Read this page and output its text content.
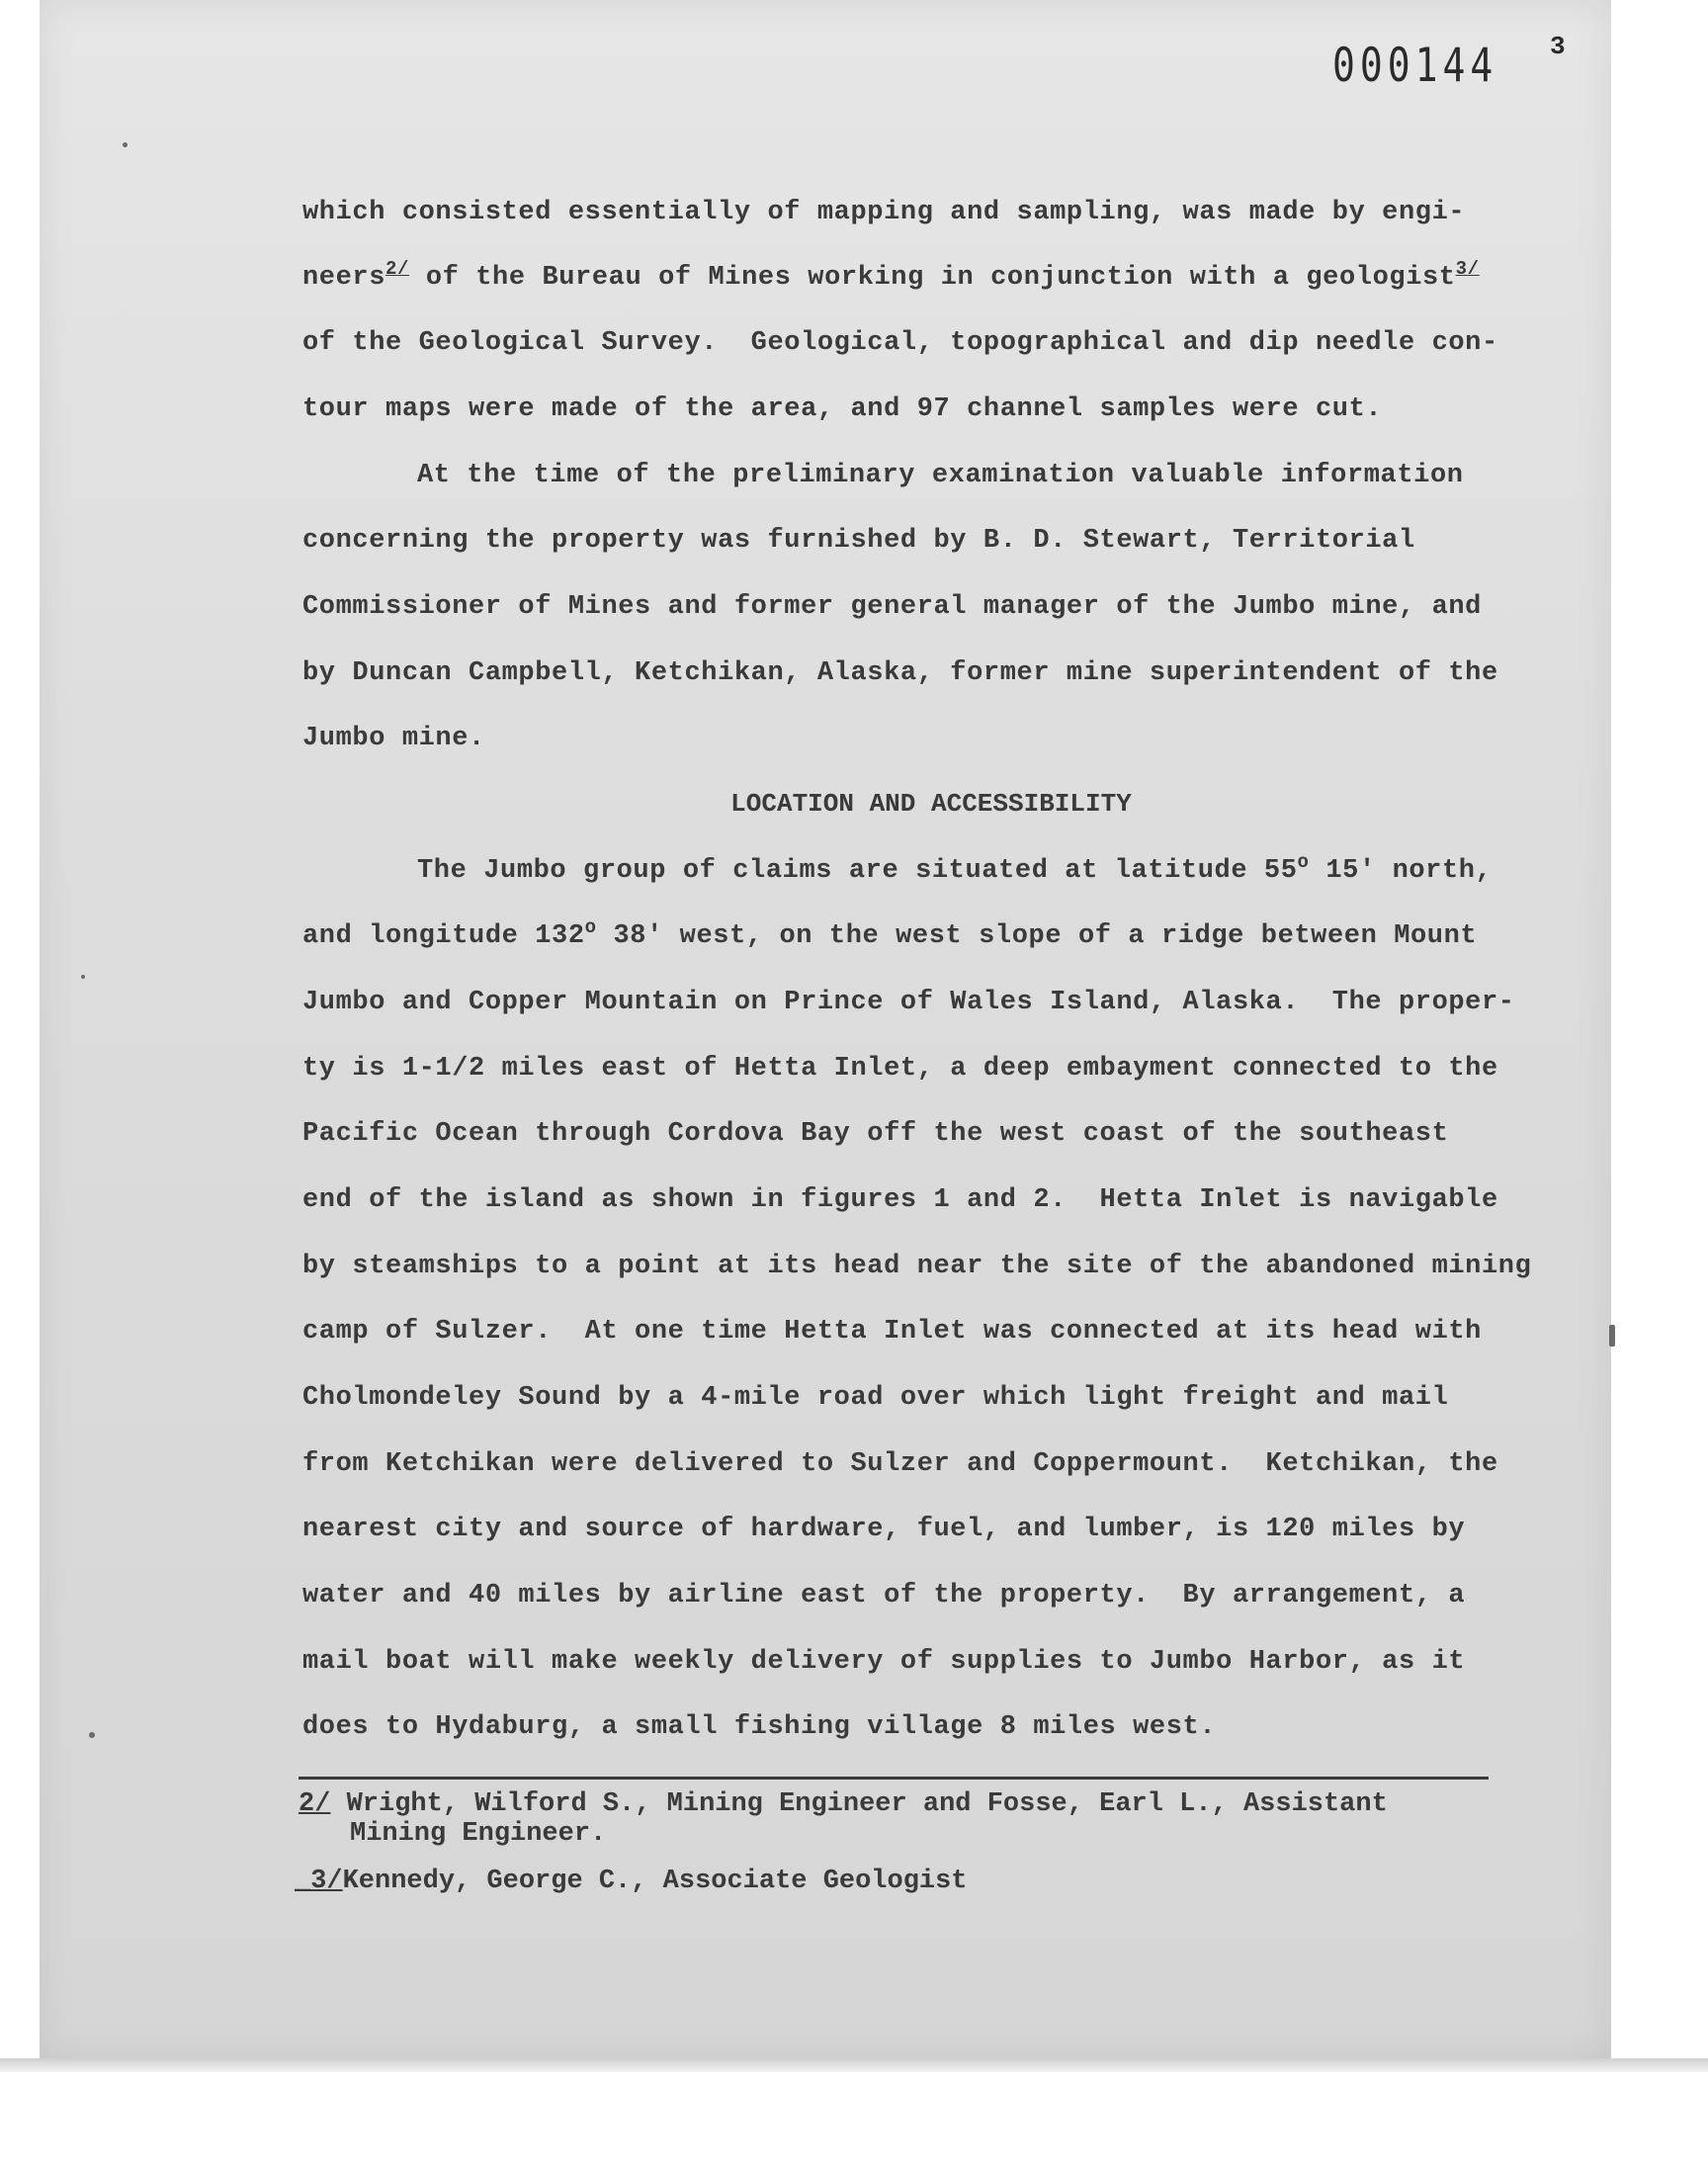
000144 3
which consisted essentially of mapping and sampling, was made by engi-
neers$^{2/}$ of the Bureau of Mines working in conjunction with a geologist$^{3/}$
of the Geological Survey.  Geological, topographical and dip needle con-
tour maps were made of the area, and 97 channel samples were cut.
At the time of the preliminary examination valuable information
concerning the property was furnished by B. D. Stewart, Territorial
Commissioner of Mines and former general manager of the Jumbo mine, and
by Duncan Campbell, Ketchikan, Alaska, former mine superintendent of the
Jumbo mine.
LOCATION AND ACCESSIBILITY
The Jumbo group of claims are situated at latitude 55$^o$ 15' north,
and longitude 132$^o$ 38' west, on the west slope of a ridge between Mount
Jumbo and Copper Mountain on Prince of Wales Island, Alaska.  The proper-
ty is 1-1/2 miles east of Hetta Inlet, a deep embayment connected to the
Pacific Ocean through Cordova Bay off the west coast of the southeast
end of the island as shown in figures 1 and 2.  Hetta Inlet is navigable
by steamships to a point at its head near the site of the abandoned mining
camp of Sulzer.  At one time Hetta Inlet was connected at its head with
Cholmondeley Sound by a 4-mile road over which light freight and mail
from Ketchikan were delivered to Sulzer and Coppermount.  Ketchikan, the
nearest city and source of hardware, fuel, and lumber, is 120 miles by
water and 40 miles by airline east of the property.  By arrangement, a
mail boat will make weekly delivery of supplies to Jumbo Harbor, as it
does to Hydaburg, a small fishing village 8 miles west.
2/ Wright, Wilford S., Mining Engineer and Fosse, Earl L., Assistant
Mining Engineer.
_3/Kennedy, George C., Associate Geologist
